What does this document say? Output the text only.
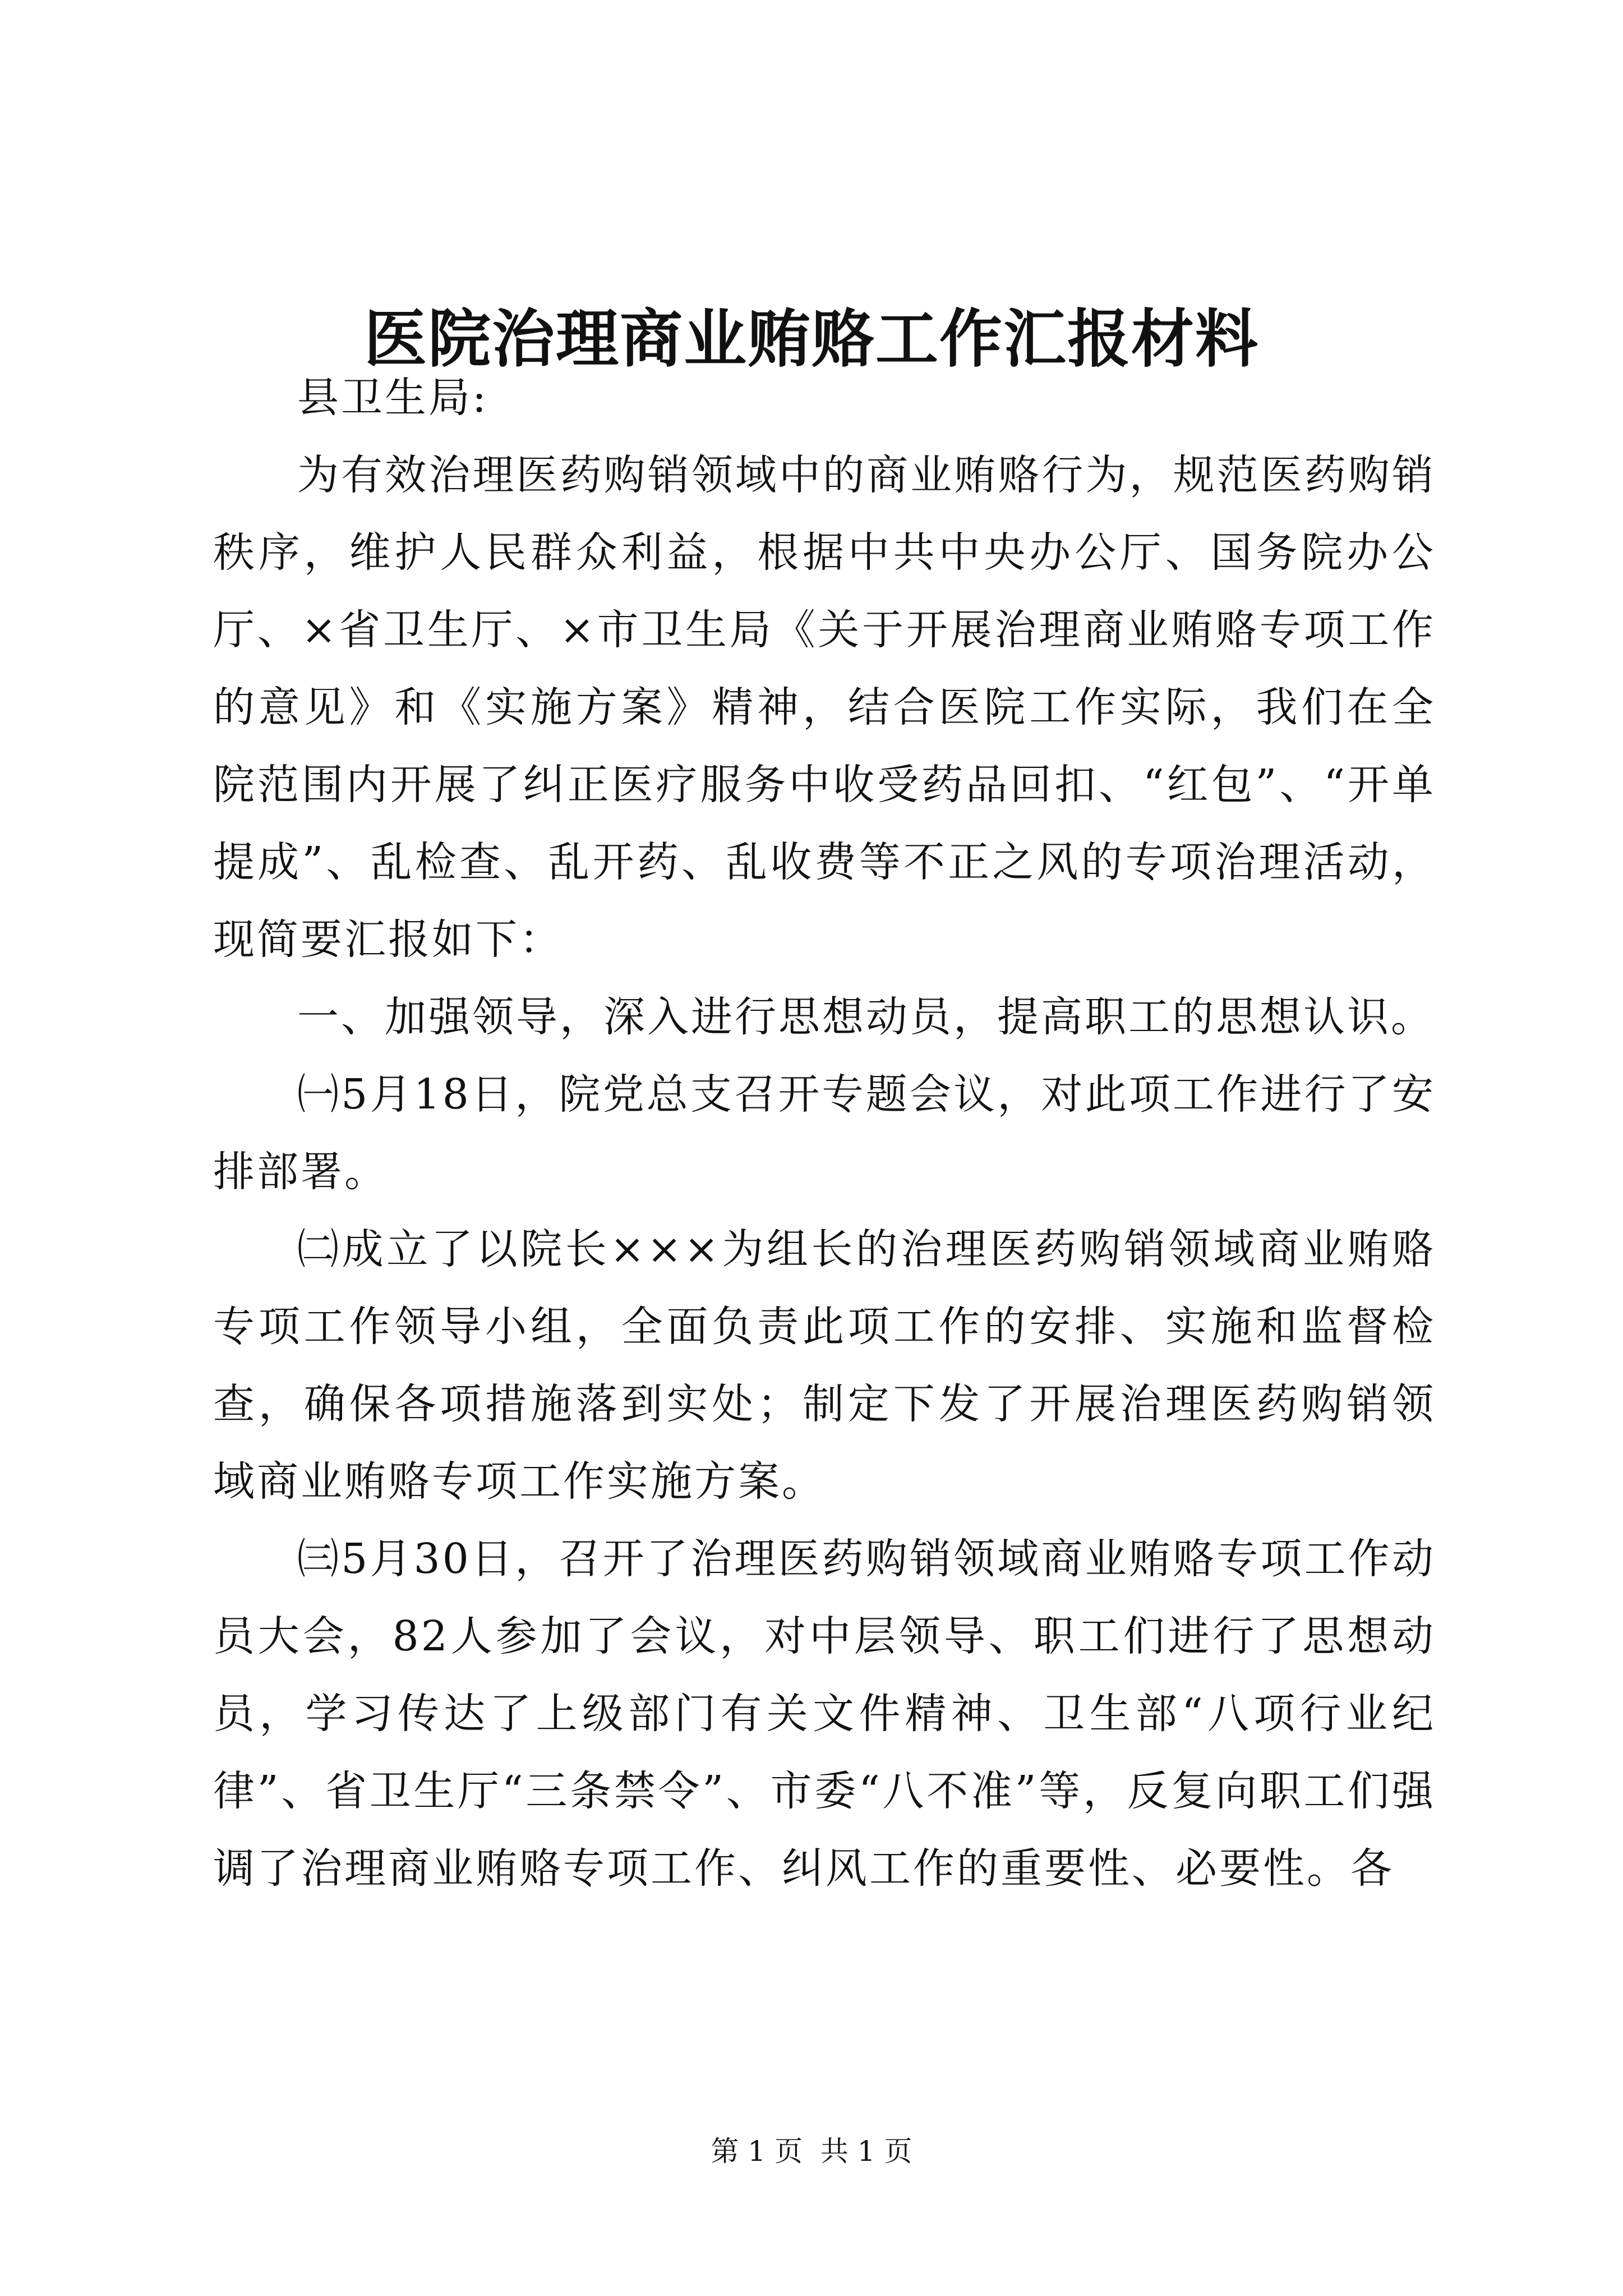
医院治理商业贿赂工作汇报材料

县卫生局:

为有效治理医药购销领域中的商业贿赂行为，规范医药购销秩序，维护人民群众利益，根据中共中央办公厅、国务院办公厅、×省卫生厅、×市卫生局《关于开展治理商业贿赂专项工作的意见》和《实施方案》精神，结合医院工作实际，我们在全院范围内开展了纠正医疗服务中收受药品回扣、“红包”、“开单提成”、乱检查、乱开药、乱收费等不正之风的专项治理活动，现简要汇报如下：

一、加强领导，深入进行思想动员，提高职工的思想认识。

㈠5月18日，院党总支召开专题会议，对此项工作进行了安排部署。

㈡成立了以院长×××为组长的治理医药购销领域商业贿赂专项工作领导小组，全面负责此项工作的安排、实施和监督检查，确保各项措施落到实处；制定下发了开展治理医药购销领域商业贿赂专项工作实施方案。

㈢5月30日，召开了治理医药购销领域商业贿赂专项工作动员大会，82人参加了会议，对中层领导、职工们进行了思想动员，学习传达了上级部门有关文件精神、卫生部“八项行业纪律”、省卫生厅“三条禁令”、市委“八不准”等，反复向职工们强调了治理商业贿赂专项工作、纠风工作的重要性、必要性。各

第 1 页  共 1 页
